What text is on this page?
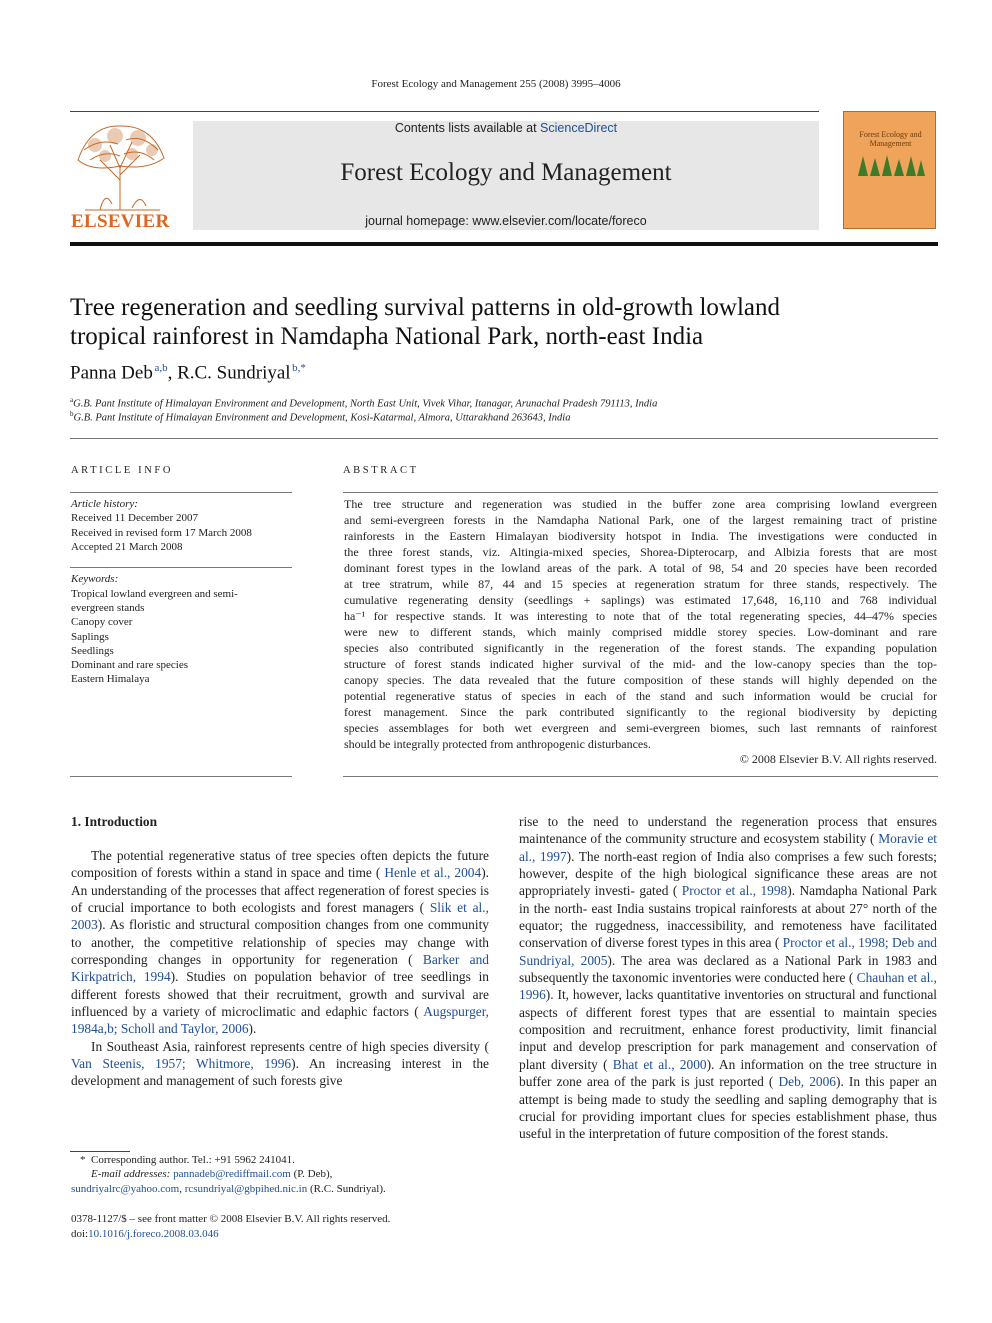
Forest Ecology and Management 255 (2008) 3995–4006
ELSEVIER
Contents lists available at ScienceDirect
Forest Ecology and Management
journal homepage: www.elsevier.com/locate/foreco
Forest Ecology and Management
Tree regeneration and seedling survival patterns in old-growth lowland
tropical rainforest in Namdapha National Park, north-east India
Panna Deb  $^{a,b}$, R.C. Sundriyal  $^{b,*}$
$^a$G.B. Pant Institute of Himalayan Environment and Development, North East Unit, Vivek Vihar, Itanagar, Arunachal Pradesh 791113, India
$^b$G.B. Pant Institute of Himalayan Environment and Development, Kosi-Katarmal, Almora, Uttarakhand 263643, India
ARTICLE INFO
Article history:
Received 11 December 2007
Received in revised form 17 March 2008
Accepted 21 March 2008
Keywords:
Tropical lowland evergreen and semi-
evergreen stands
Canopy cover
Saplings
Seedlings
Dominant and rare species
Eastern Himalaya
ABSTRACT
The tree structure and regeneration was studied in the buffer zone area comprising lowland evergreen
and semi-evergreen forests in the Namdapha National Park, one of the largest remaining tract of pristine
rainforests in the Eastern Himalayan biodiversity hotspot in India. The investigations were conducted in
the three forest stands, viz. Altingia-mixed species, Shorea-Dipterocarp, and Albizia forests that are most
dominant forest types in the lowland areas of the park. A total of 98, 54 and 20 species have been recorded
at tree stratrum, while 87, 44 and 15 species at regeneration stratum for three stands, respectively. The
cumulative regenerating density (seedlings + saplings) was estimated 17,648, 16,110 and 768 individual
ha⁻¹ for respective stands. It was interesting to note that of the total regenerating species, 44–47% species
were new to different stands, which mainly comprised middle storey species. Low-dominant and rare
species also contributed significantly in the regeneration of the forest stands. The expanding population
structure of forest stands indicated higher survival of the mid- and the low-canopy species than the top-
canopy species. The data revealed that the future composition of these stands will highly depended on the
potential regenerative status of species in each of the stand and such information would be crucial for
forest management. Since the park contributed significantly to the regional biodiversity by depicting
species assemblages for both wet evergreen and semi-evergreen biomes, such last remnants of rainforest
should be integrally protected from anthropogenic disturbances.
© 2008 Elsevier B.V. All rights reserved.
1. Introduction
The potential regenerative status of tree species often depicts the future composition of forests within a stand in space and time ( Henle et al., 2004). An understanding of the processes that affect regeneration of forest species is of crucial importance to both ecologists and forest managers ( Slik et al., 2003). As floristic and structural composition changes from one community to another, the competitive relationship of species may change with corresponding changes in opportunity for regeneration ( Barker and Kirkpatrich, 1994). Studies on population behavior of tree seedlings in different forests showed that their recruitment, growth and survival are influenced by a variety of microclimatic and edaphic factors ( Augspurger, 1984a,b; Scholl and Taylor, 2006).
In Southeast Asia, rainforest represents centre of high species diversity ( Van Steenis, 1957; Whitmore, 1996). An increasing interest in the development and management of such forests give
rise to the need to understand the regeneration process that ensures maintenance of the community structure and ecosystem stability ( Moravie et al., 1997). The north-east region of India also comprises a few such forests; however, despite of the high biological significance these areas are not appropriately investi- gated ( Proctor et al., 1998). Namdapha National Park in the north- east India sustains tropical rainforests at about 27° north of the equator; the ruggedness, inaccessibility, and remoteness have facilitated conservation of diverse forest types in this area ( Proctor et al., 1998; Deb and Sundriyal, 2005). The area was declared as a National Park in 1983 and subsequently the taxonomic inventories were conducted here ( Chauhan et al., 1996). It, however, lacks quantitative inventories on structural and functional aspects of different forest types that are essential to maintain species composition and recruitment, enhance forest productivity, limit financial input and develop prescription for park management and conservation of plant diversity ( Bhat et al., 2000). An information on the tree structure in buffer zone area of the park is just reported ( Deb, 2006). In this paper an attempt is being made to study the seedling and sapling demography that is crucial for providing important clues for species establishment phase, thus useful in the interpretation of future composition of the forest stands.
* Corresponding author. Tel.: +91 5962 241041.
E-mail addresses: pannadeb@rediffmail.com (P. Deb),
sundriyalrc@yahoo.com, rcsundriyal@gbpihed.nic.in (R.C. Sundriyal).
0378-1127/$ – see front matter © 2008 Elsevier B.V. All rights reserved.
doi:10.1016/j.foreco.2008.03.046
